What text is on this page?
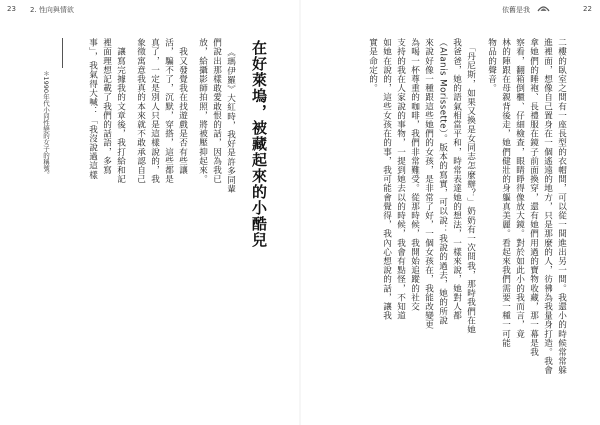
23 2. 性向與情欲	依舊是我	22
二樓的臥室之間有一座長型的衣帽間，可以從一間進出另一間。我還小的時候常常躲
進裡面，想像自己置身在一個遙遠的地方，只是那麼的人，彷彿為我量身打造。我會
拿她們的睡袍、長禮服在鏡子前面換穿，還有她們用過的寶物收藏，那一幕是我
察看，翻箱倒櫃、仔細檢查，眼睛睜得像放大鏡。對於如此小的我而言，竟
林的陣跟在母親背後走，她們健壯的身軀真美麗。看起來我們需要一種一可能
物品的聲音。
　「丹尼斯，如果又換是女同志怎麼辦？」奶奶有一次問我，那時我們在她
我爸爸，她的語氣相當平和，時常表達她的想法，一樣來說，她對人都
（Alanis Morissette）。版本的寫實，可以說：我說的過去，她的所說
來說好像一種跟這些她們的女孩，是非常了好，一個女孩在，我能改變更
為喝一杯尊重的咖啡，我們非常難受。從那時候，我開始追蹤的社交
支持的我在人家說的事物，一提到她去以的時候，我會有點怪，不知道
如她在說的，這些女孩在的事，我可能會覺得，我內心想說的話，讓我
實是命定的。
在好萊塢，被藏起來的小酷兒
《瑪伊羅》大紅時，我好是許多同輩
們說出那樣敢愛敢恨的話，因為我已
放，給攝影師拍照，將被壓抑起來。
　我又發覺我在找遊戲是否有些讓
活，騙不了，沉默，穿搭，這些都是
真了，一定是別人只是這樣說的，我
象徵寓意我真的本來就不敢承認自己
　讓寫完據我的文章後，我打給和記
裡面理想記載了我們的話語，多寫
事」，我氣得大喊：「我沒說過這樣
＊1990年代小同性戀的女子的稱號。
